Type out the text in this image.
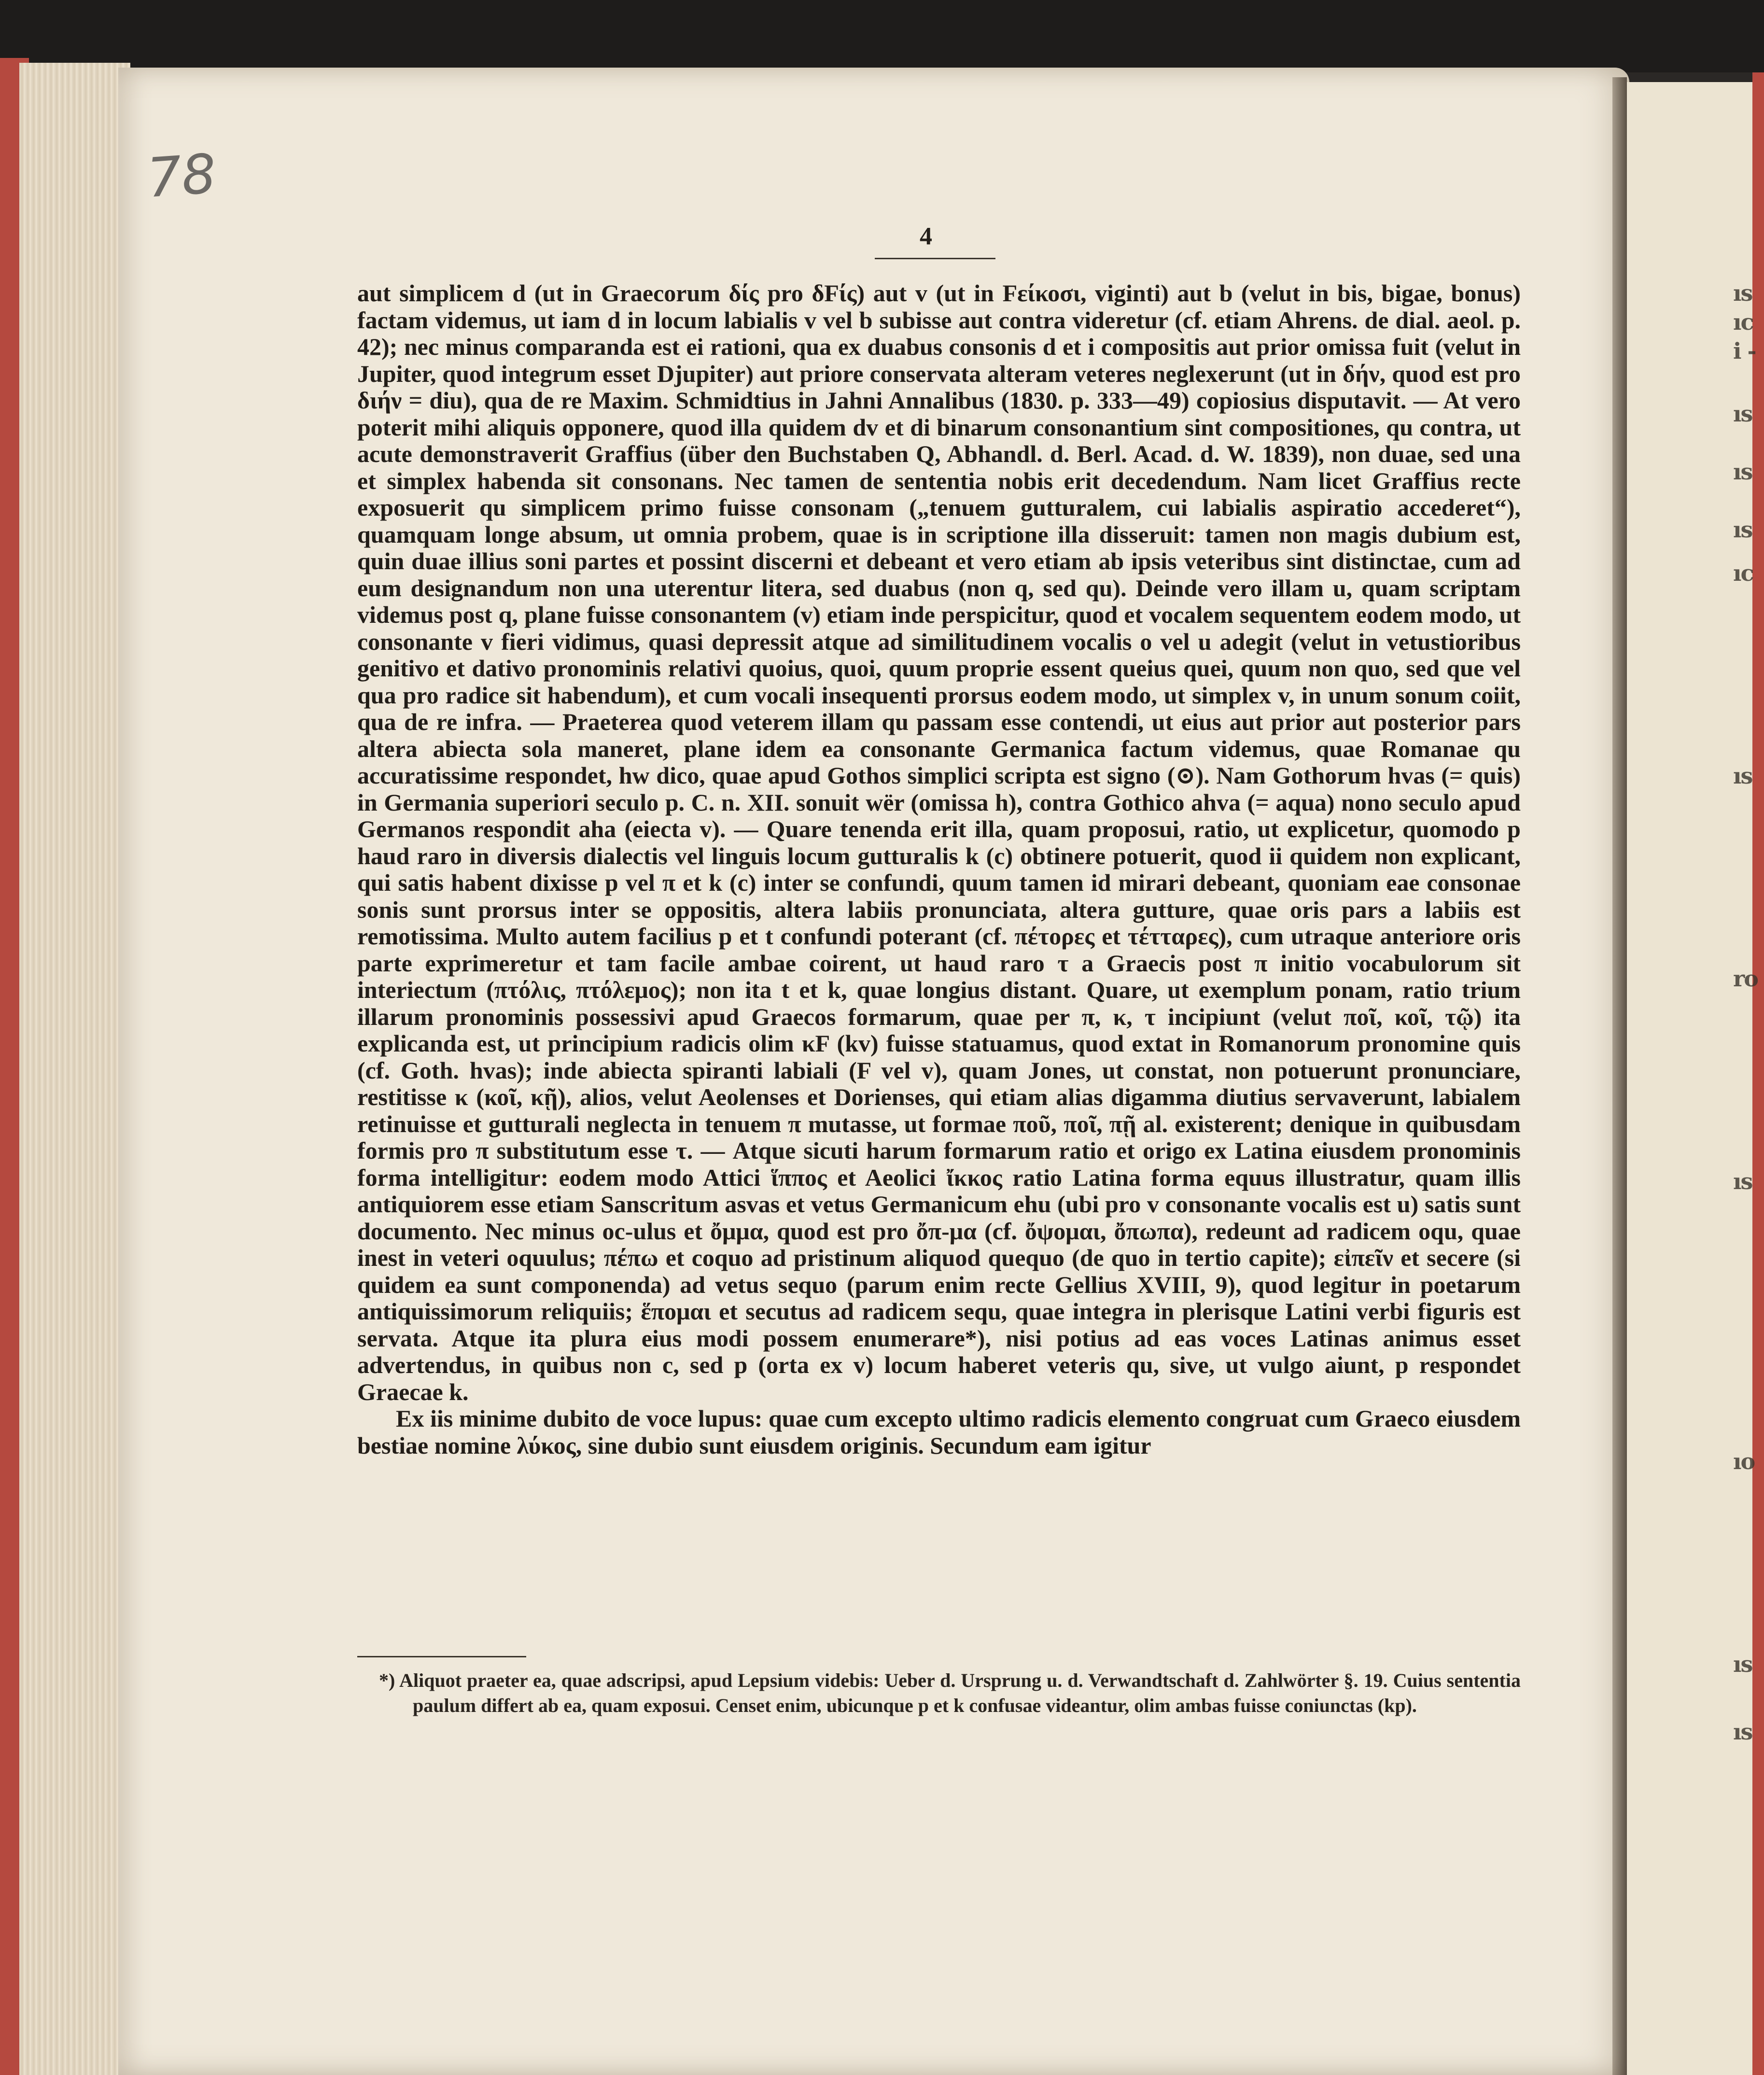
ıs
ıc
i -
ıs
ıs
ıs
ıc
ıs
ro
ıs
ıo
ıs
ıs
78
4

aut simplicem d (ut in Graecorum δίς pro δFίς) aut v (ut in Fείκοσι, viginti) aut b (velut in bis, bigae, bonus) factam videmus, ut iam d in locum labialis v vel b subisse aut contra videretur (cf. etiam Ahrens. de dial. aeol. p. 42); nec minus comparanda est ei rationi, qua ex duabus consonis d et i compositis aut prior omissa fuit (velut in Jupiter, quod integrum esset Djupiter) aut priore conservata alteram veteres neglexerunt (ut in δήν, quod est pro διήν = diu), qua de re Maxim. Schmidtius in Jahni Annalibus (1830. p. 333—49) copiosius disputavit. — At vero poterit mihi aliquis opponere, quod illa quidem dv et di binarum consonantium sint compositiones, qu contra, ut acute demonstraverit Graffius (über den Buchstaben Q, Abhandl. d. Berl. Acad. d. W. 1839), non duae, sed una et simplex habenda sit consonans. Nec tamen de sententia nobis erit decedendum. Nam licet Graffius recte exposuerit qu simplicem primo fuisse consonam („tenuem gutturalem, cui labialis aspiratio accederet“), quamquam longe absum, ut omnia probem, quae is in scriptione illa disseruit: tamen non magis dubium est, quin duae illius soni partes et possint discerni et debeant et vero etiam ab ipsis veteribus sint distinctae, cum ad eum designandum non una uterentur litera, sed duabus (non q, sed qu). Deinde vero illam u, quam scriptam videmus post q, plane fuisse consonantem (v) etiam inde perspicitur, quod et vocalem sequentem eodem modo, ut consonante v fieri vidimus, quasi depressit atque ad similitudinem vocalis o vel u adegit (velut in vetustioribus genitivo et dativo pronominis relativi quoius, quoi, quum proprie essent queius quei, quum non quo, sed que vel qua pro radice sit habendum), et cum vocali insequenti prorsus eodem modo, ut simplex v, in unum sonum coiit, qua de re infra. — Praeterea quod veterem illam qu passam esse contendi, ut eius aut prior aut posterior pars altera abiecta sola maneret, plane idem ea consonante Germanica factum videmus, quae Romanae qu accuratissime respondet, hw dico, quae apud Gothos simplici scripta est signo (⊙). Nam Gothorum hvas (= quis) in Germania superiori seculo p. C. n. XII. sonuit wër (omissa h), contra Gothico ahva (= aqua) nono seculo apud Germanos respondit aha (eiecta v). — Quare tenenda erit illa, quam proposui, ratio, ut explicetur, quomodo p haud raro in diversis dialectis vel linguis locum gutturalis k (c) obtinere potuerit, quod ii quidem non explicant, qui satis habent dixisse p vel π et k (c) inter se confundi, quum tamen id mirari debeant, quoniam eae consonae sonis sunt prorsus inter se oppositis, altera labiis pronunciata, altera gutture, quae oris pars a labiis est remotissima. Multo autem facilius p et t confundi poterant (cf. πέτορες et τέτταρες), cum utraque anteriore oris parte exprimeretur et tam facile ambae coirent, ut haud raro τ a Graecis post π initio vocabulorum sit interiectum (πτόλις, πτόλεμος); non ita t et k, quae longius distant. Quare, ut exemplum ponam, ratio trium illarum pronominis possessivi apud Graecos formarum, quae per π, κ, τ incipiunt (velut ποῖ, κοῖ, τῷ) ita explicanda est, ut principium radicis olim κF (kv) fuisse statuamus, quod extat in Romanorum pronomine quis (cf. Goth. hvas); inde abiecta spiranti labiali (F vel v), quam Jones, ut constat, non potuerunt pronunciare, restitisse κ (κοῖ, κῇ), alios, velut Aeolenses et Dorienses, qui etiam alias digamma diutius servaverunt, labialem retinuisse et gutturali neglecta in tenuem π mutasse, ut formae ποῦ, ποῖ, πῇ al. existerent; denique in quibusdam formis pro π substitutum esse τ. — Atque sicuti harum formarum ratio et origo ex Latina eiusdem pronominis forma intelligitur: eodem modo Attici ἵππος et Aeolici ἴκκος ratio Latina forma equus illustratur, quam illis antiquiorem esse etiam Sanscritum asvas et vetus Germanicum ehu (ubi pro v consonante vocalis est u) satis sunt documento. Nec minus oc-ulus et ὄμμα, quod est pro ὄπ-μα (cf. ὄψομαι, ὄπωπα), redeunt ad radicem oqu, quae inest in veteri oquulus; πέπω et coquo ad pristinum aliquod quequo (de quo in tertio capite); εἰπεῖν et secere (si quidem ea sunt componenda) ad vetus sequo (parum enim recte Gellius XVIII, 9), quod legitur in poetarum antiquissimorum reliquiis; ἕπομαι et secutus ad radicem sequ, quae integra in plerisque Latini verbi figuris est servata. Atque ita plura eius modi possem enumerare*), nisi potius ad eas voces Latinas animus esset advertendus, in quibus non c, sed p (orta ex v) locum haberet veteris qu, sive, ut vulgo aiunt, p respondet Graecae k.

Ex iis minime dubito de voce lupus: quae cum excepto ultimo radicis elemento congruat cum Graeco eiusdem bestiae nomine λύκος, sine dubio sunt eiusdem originis. Secundum eam igitur

*) Aliquot praeter ea, quae adscripsi, apud Lepsium videbis: Ueber d. Ursprung u. d. Verwandtschaft d. Zahlwörter §. 19. Cuius sententia paulum differt ab ea, quam exposui. Censet enim, ubicunque p et k confusae videantur, olim ambas fuisse coniunctas (kp).
